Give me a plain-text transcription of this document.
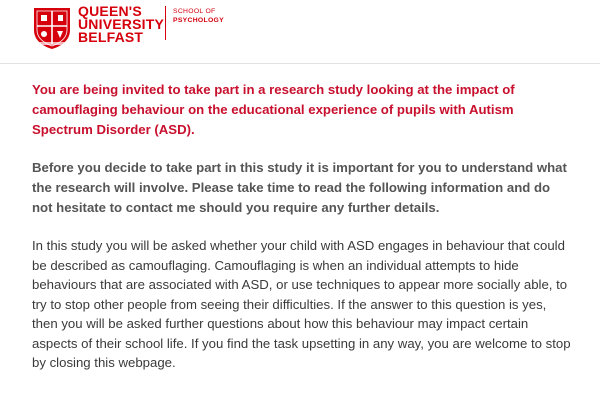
QUEEN'S
UNIVERSITY
BELFAST
SCHOOL OF
PSYCHOLOGY

You are being invited to take part in a research study looking at the impact of camouflaging behaviour on the educational experience of pupils with Autism Spectrum Disorder (ASD).

Before you decide to take part in this study it is important for you to understand what the research will involve. Please take time to read the following information and do not hesitate to contact me should you require any further details.

In this study you will be asked whether your child with ASD engages in behaviour that could be described as camouflaging. Camouflaging is when an individual attempts to hide behaviours that are associated with ASD, or use techniques to appear more socially able, to try to stop other people from seeing their difficulties. If the answer to this question is yes, then you will be asked further questions about how this behaviour may impact certain aspects of their school life. If you find the task upsetting in any way, you are welcome to stop by closing this webpage.
